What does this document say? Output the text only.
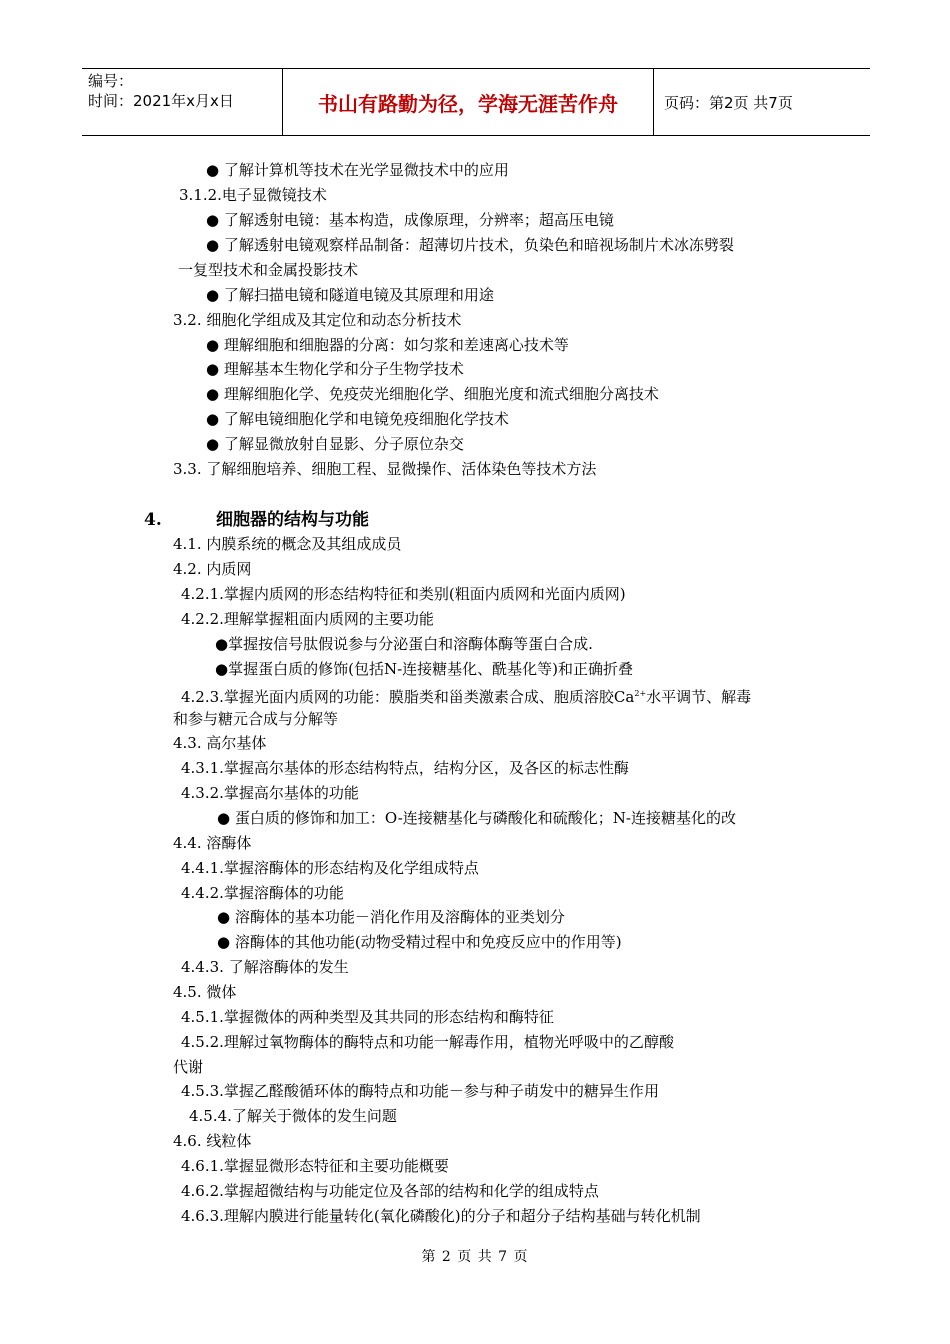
编号：
时间：2021年x月x日	书山有路勤为径，学海无涯苦作舟	页码：第2页 共7页
● 了解计算机等技术在光学显微技术中的应用
3.1.2.电子显微镜技术
● 了解透射电镜：基本构造，成像原理，分辨率；超高压电镜
● 了解透射电镜观察样品制备：超薄切片技术，负染色和暗视场制片术冰冻劈裂
一复型技术和金属投影技术
● 了解扫描电镜和隧道电镜及其原理和用途
3.2. 细胞化学组成及其定位和动态分析技术
● 理解细胞和细胞器的分离：如匀浆和差速离心技术等
● 理解基本生物化学和分子生物学技术
● 理解细胞化学、免疫荧光细胞化学、细胞光度和流式细胞分离技术
● 了解电镜细胞化学和电镜免疫细胞化学技术
● 了解显微放射自显影、分子原位杂交
3.3. 了解细胞培养、细胞工程、显微操作、活体染色等技术方法
4.	细胞器的结构与功能
4.1. 内膜系统的概念及其组成成员
4.2. 内质网
4.2.1.掌握内质网的形态结构特征和类别(粗面内质网和光面内质网)
4.2.2.理解掌握粗面内质网的主要功能
●掌握按信号肽假说参与分泌蛋白和溶酶体酶等蛋白合成.
●掌握蛋白质的修饰(包括N-连接糖基化、酰基化等)和正确折叠
4.2.3.掌握光面内质网的功能：膜脂类和甾类激素合成、胞质溶胶$Ca^{2+}$水平调节、解毒
和参与糖元合成与分解等
4.3. 高尔基体
4.3.1.掌握高尔基体的形态结构特点，结构分区，及各区的标志性酶
4.3.2.掌握高尔基体的功能
● 蛋白质的修饰和加工：O-连接糖基化与磷酸化和硫酸化；N-连接糖基化的改
4.4. 溶酶体
4.4.1.掌握溶酶体的形态结构及化学组成特点
4.4.2.掌握溶酶体的功能
● 溶酶体的基本功能－消化作用及溶酶体的亚类划分
● 溶酶体的其他功能(动物受精过程中和免疫反应中的作用等)
4.4.3. 了解溶酶体的发生
4.5. 微体
4.5.1.掌握微体的两种类型及其共同的形态结构和酶特征
4.5.2.理解过氧物酶体的酶特点和功能一解毒作用，植物光呼吸中的乙醇酸
代谢
4.5.3.掌握乙醛酸循环体的酶特点和功能－参与种子萌发中的糖异生作用
4.5.4.了解关于微体的发生问题
4.6. 线粒体
4.6.1.掌握显微形态特征和主要功能概要
4.6.2.掌握超微结构与功能定位及各部的结构和化学的组成特点
4.6.3.理解内膜进行能量转化(氧化磷酸化)的分子和超分子结构基础与转化机制
第 2 页 共 7 页
